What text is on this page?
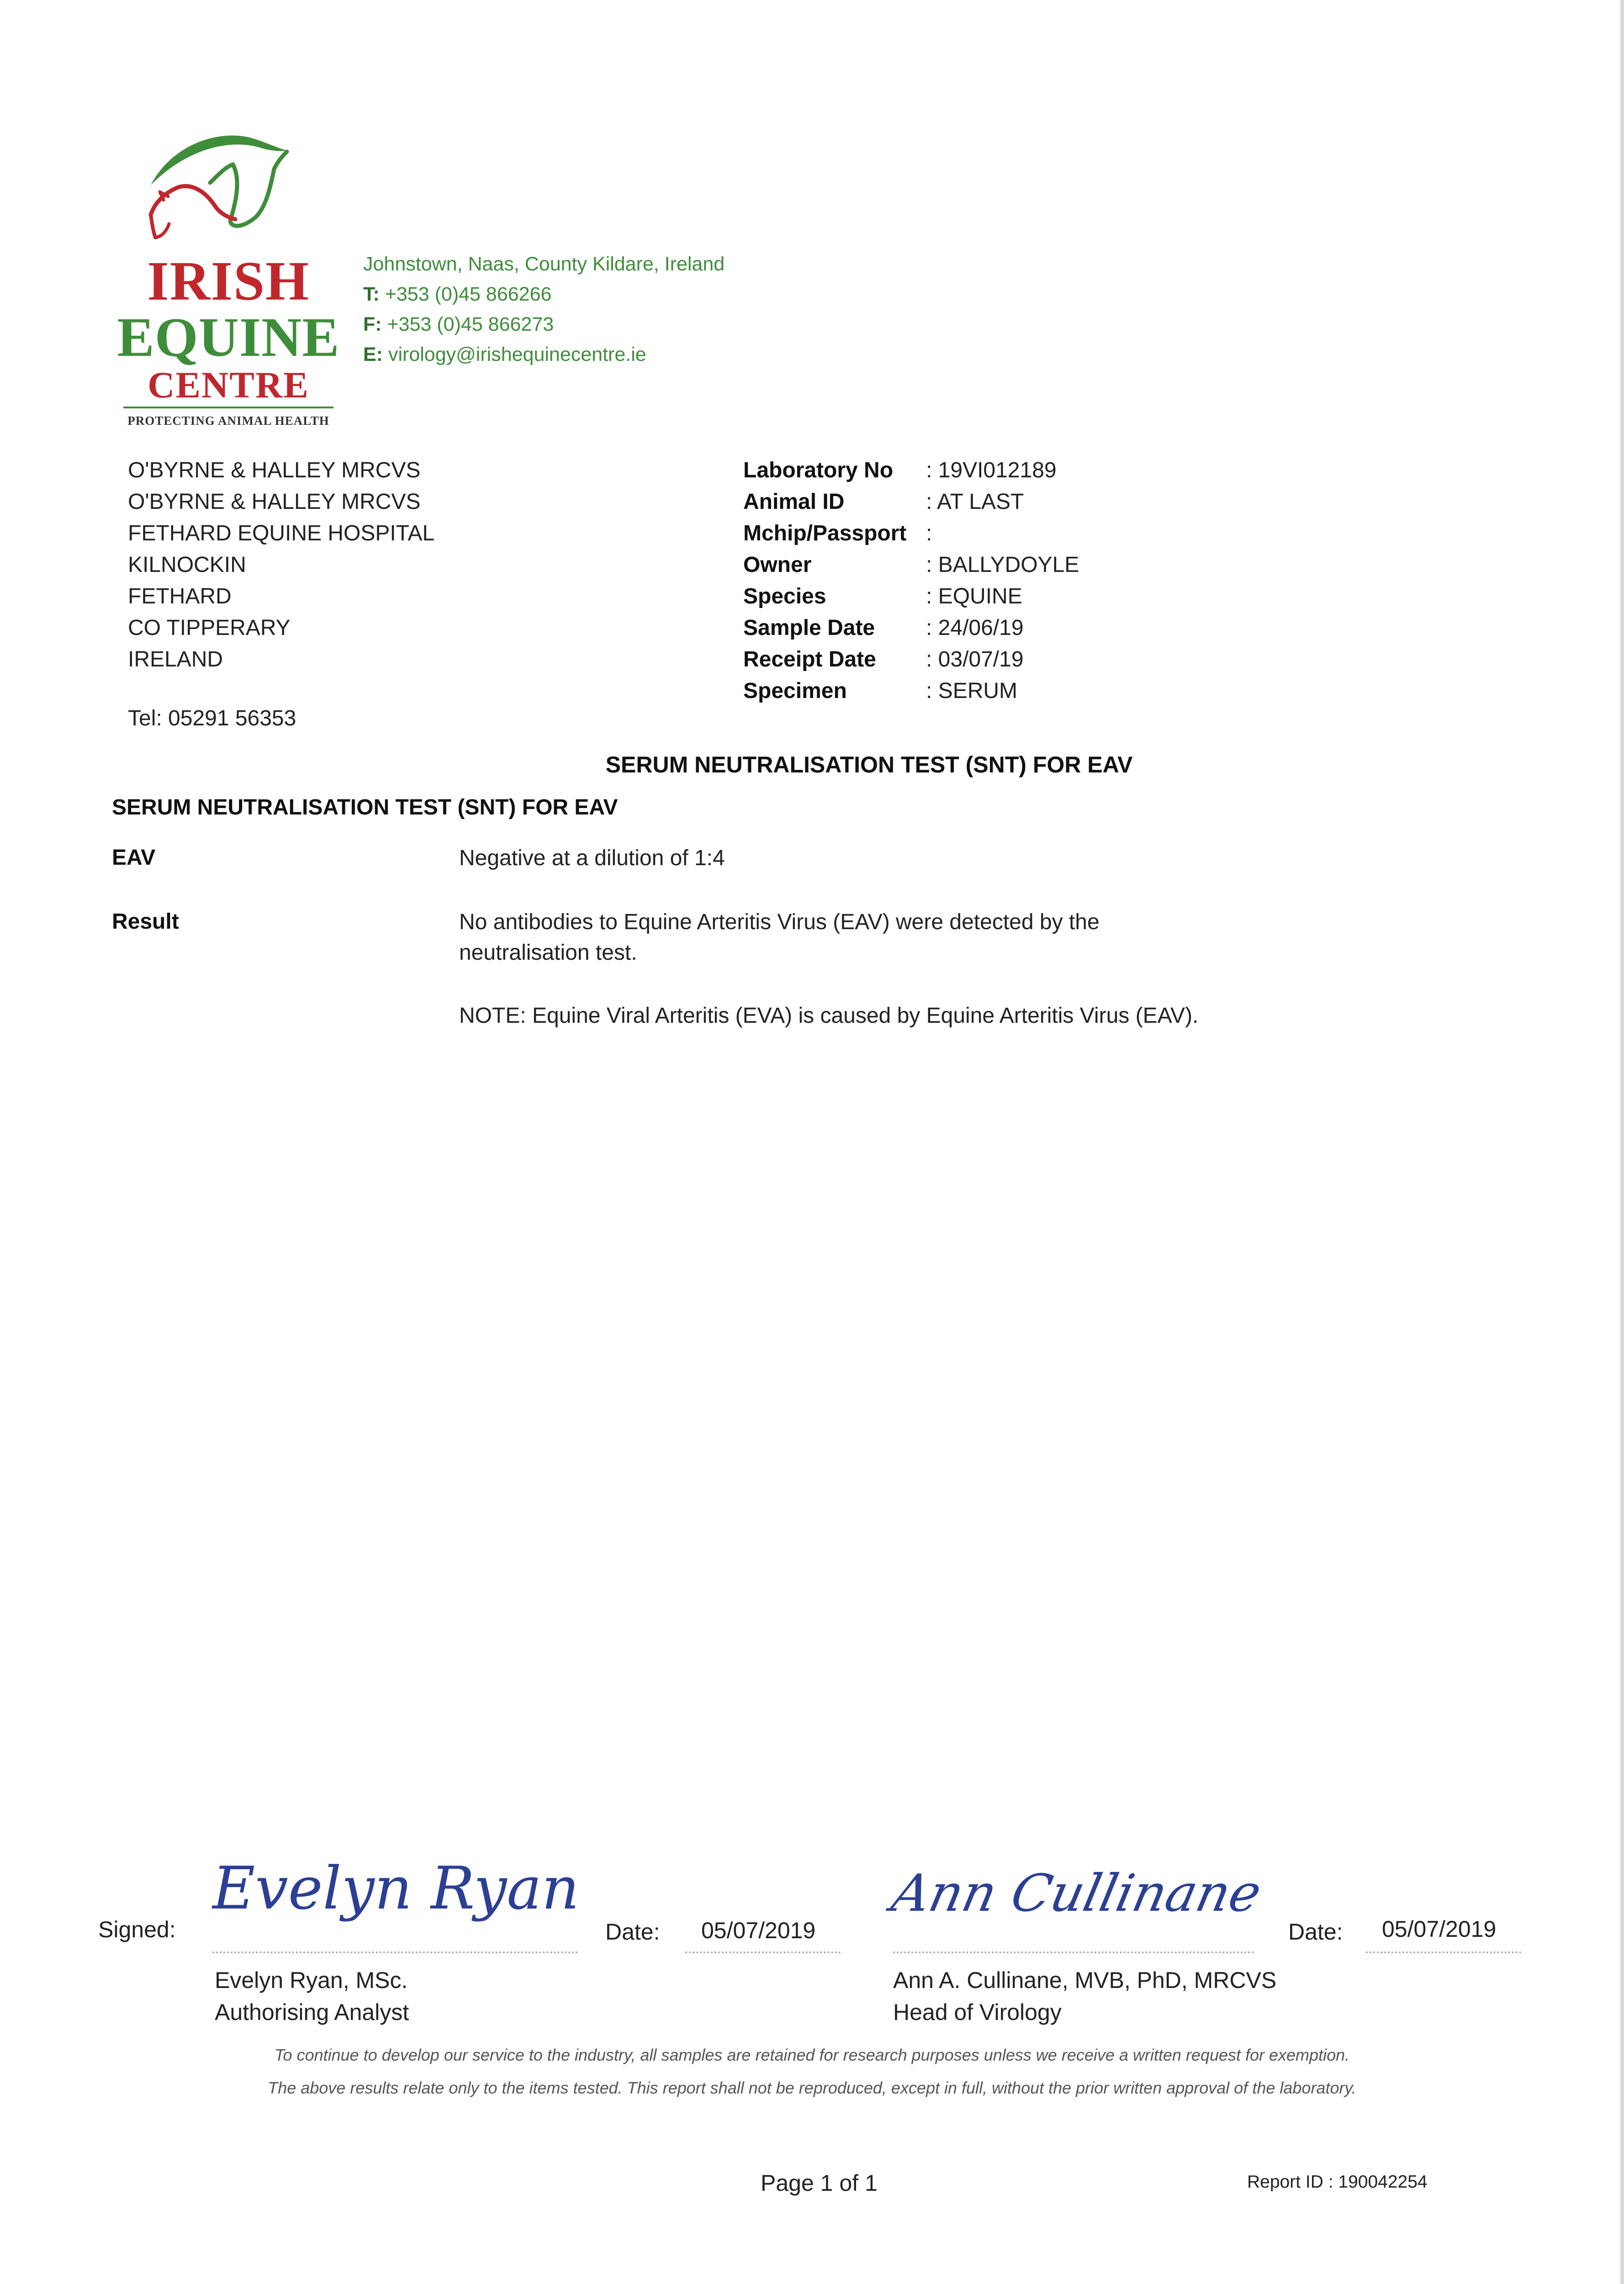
IRISH
EQUINE
CENTRE
PROTECTING ANIMAL HEALTH
Johnstown, Naas, County Kildare, Ireland
T: +353 (0)45 866266
F: +353 (0)45 866273
E: virology@irishequinecentre.ie
O'BYRNE & HALLEY MRCVS
O'BYRNE & HALLEY MRCVS
FETHARD EQUINE HOSPITAL
KILNOCKIN
FETHARD
CO TIPPERARY
IRELAND
Tel: 05291 56353
Laboratory No	: 19VI012189
Animal ID	: AT LAST
Mchip/Passport :
Owner	: BALLYDOYLE
Species	: EQUINE
Sample Date	: 24/06/19
Receipt Date	: 03/07/19
Specimen	: SERUM
SERUM NEUTRALISATION TEST (SNT) FOR EAV
SERUM NEUTRALISATION TEST (SNT) FOR EAV
EAV	Negative at a dilution of 1:4
Result	No antibodies to Equine Arteritis Virus (EAV) were detected by the neutralisation test.
NOTE: Equine Viral Arteritis (EVA) is caused by Equine Arteritis Virus (EAV).
Signed:
Evelyn Ryan
Date: 05/07/2019
Evelyn Ryan, MSc.
Authorising Analyst
Ann Cullinane
Date: 05/07/2019
Ann A. Cullinane, MVB, PhD, MRCVS
Head of Virology
To continue to develop our service to the industry, all samples are retained for research purposes unless we receive a written request for exemption.
The above results relate only to the items tested. This report shall not be reproduced, except in full, without the prior written approval of the laboratory.
Page 1 of 1	Report ID : 190042254
